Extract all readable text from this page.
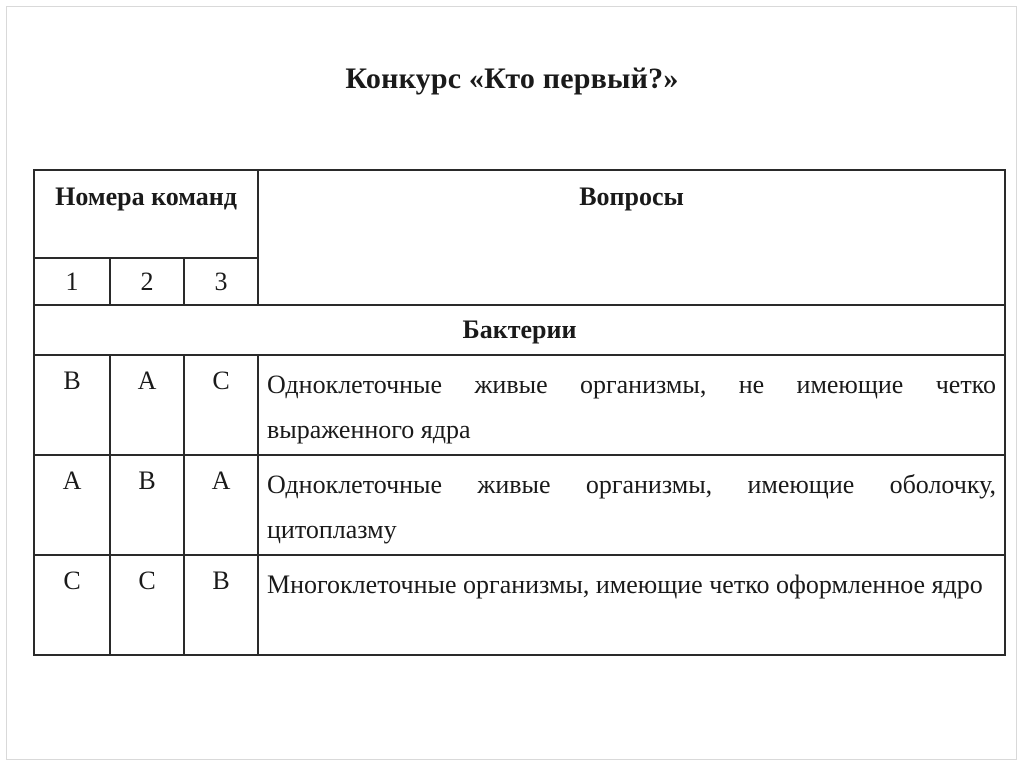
Конкурс «Кто первый?»
Номера команд			Вопросы
1	2	3	
Бактерии			
B	A	C	Одноклеточные живые организмы, не имеющие четко выраженного ядра
A	B	A	Одноклеточные живые организмы, имеющие оболочку, цитоплазму
C	C	B	Многоклеточные организмы, имеющие четко оформленное ядро
